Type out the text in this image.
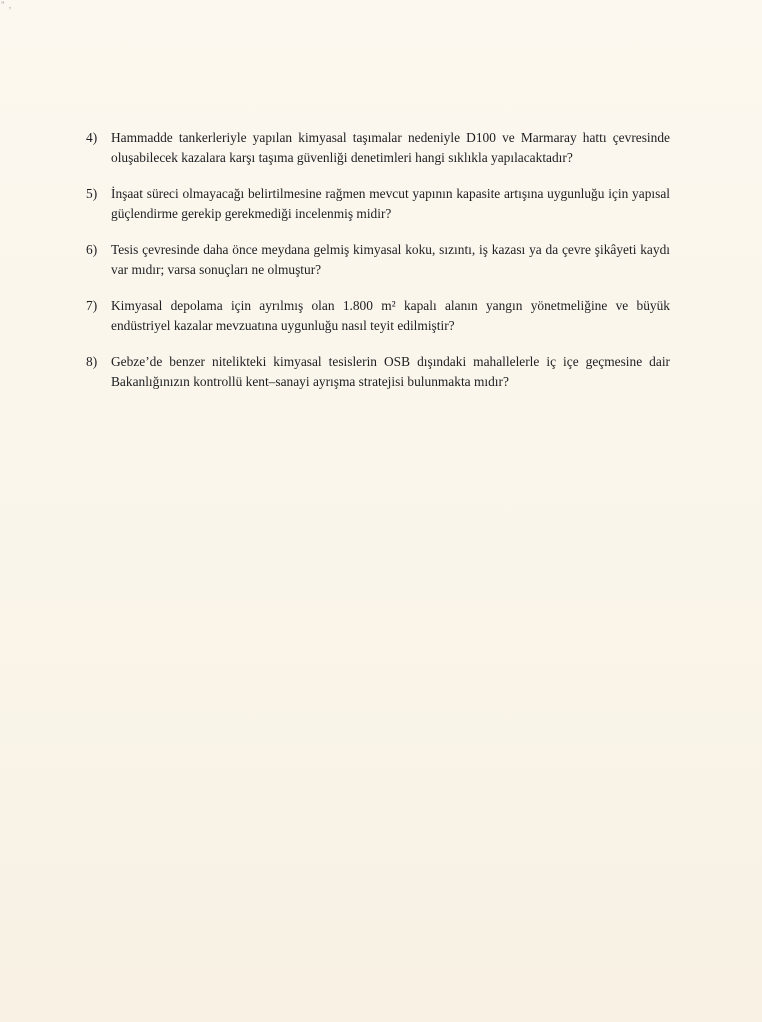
" ,
4)	Hammadde tankerleriyle yapılan kimyasal taşımalar nedeniyle D100 ve Marmaray hattı çevresinde oluşabilecek kazalara karşı taşıma güvenliği denetimleri hangi sıklıkla yapılacaktadır?
5)	İnşaat süreci olmayacağı belirtilmesine rağmen mevcut yapının kapasite artışına uygunluğu için yapısal güçlendirme gerekip gerekmediği incelenmiş midir?
6)	Tesis çevresinde daha önce meydana gelmiş kimyasal koku, sızıntı, iş kazası ya da çevre şikâyeti kaydı var mıdır; varsa sonuçları ne olmuştur?
7)	Kimyasal depolama için ayrılmış olan 1.800 m² kapalı alanın yangın yönetmeliğine ve büyük endüstriyel kazalar mevzuatına uygunluğu nasıl teyit edilmiştir?
8)	Gebze’de benzer nitelikteki kimyasal tesislerin OSB dışındaki mahallelerle iç içe geçmesine dair Bakanlığınızın kontrollü kent–sanayi ayrışma stratejisi bulunmakta mıdır?
